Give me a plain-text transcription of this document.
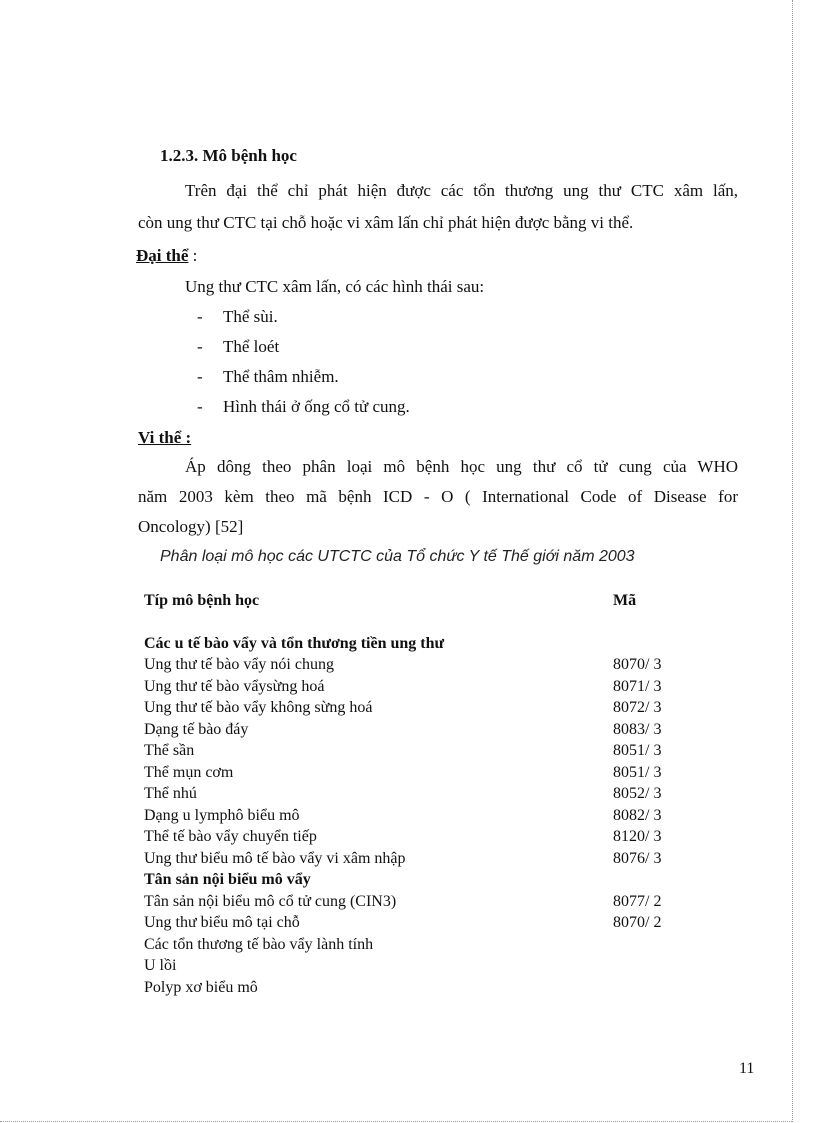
1.2.3. Mô bệnh học
Trên đại thể chỉ phát hiện được các tổn thương ung thư CTC xâm lấn,
còn ung thư CTC tại chỗ hoặc vi xâm lấn chỉ phát hiện được bằng vi thể.
Đại thể :
Ung thư CTC xâm lấn, có các hình thái sau:
- Thể sùi.
- Thể loét
- Thể thâm nhiễm.
- Hình thái ở ống cổ tử cung.
Vi thể :
Áp dông theo phân loại mô bệnh học ung thư cổ tử cung của WHO
năm 2003 kèm theo mã bệnh ICD - O ( International Code of Disease for
Oncology) [52]
Phân loại mô học các UTCTC của Tổ chức Y tế Thế giới năm 2003
Típ mô bệnh học	Mã
Các u tế bào vẩy và tổn thương tiền ung thư
Ung thư tế bào vẩy nói chung	8070/ 3
Ung thư tế bào vẩysừng hoá	8071/ 3
Ung thư tế bào vẩy không sừng hoá	8072/ 3
Dạng tế bào đáy	8083/ 3
Thể sần	8051/ 3
Thể mụn cơm	8051/ 3
Thể nhú	8052/ 3
Dạng u lymphô biểu mô	8082/ 3
Thể tế bào vẩy chuyển tiếp	8120/ 3
Ung thư biểu mô tế bào vẩy vi xâm nhập	8076/ 3
Tân sản nội biểu mô vẩy
Tân sản nội biểu mô cổ tử cung (CIN3)	8077/ 2
Ung thư biểu mô tại chỗ	8070/ 2
Các tổn thương tế bào vẩy lành tính
U lồi
Polyp xơ biểu mô
11
